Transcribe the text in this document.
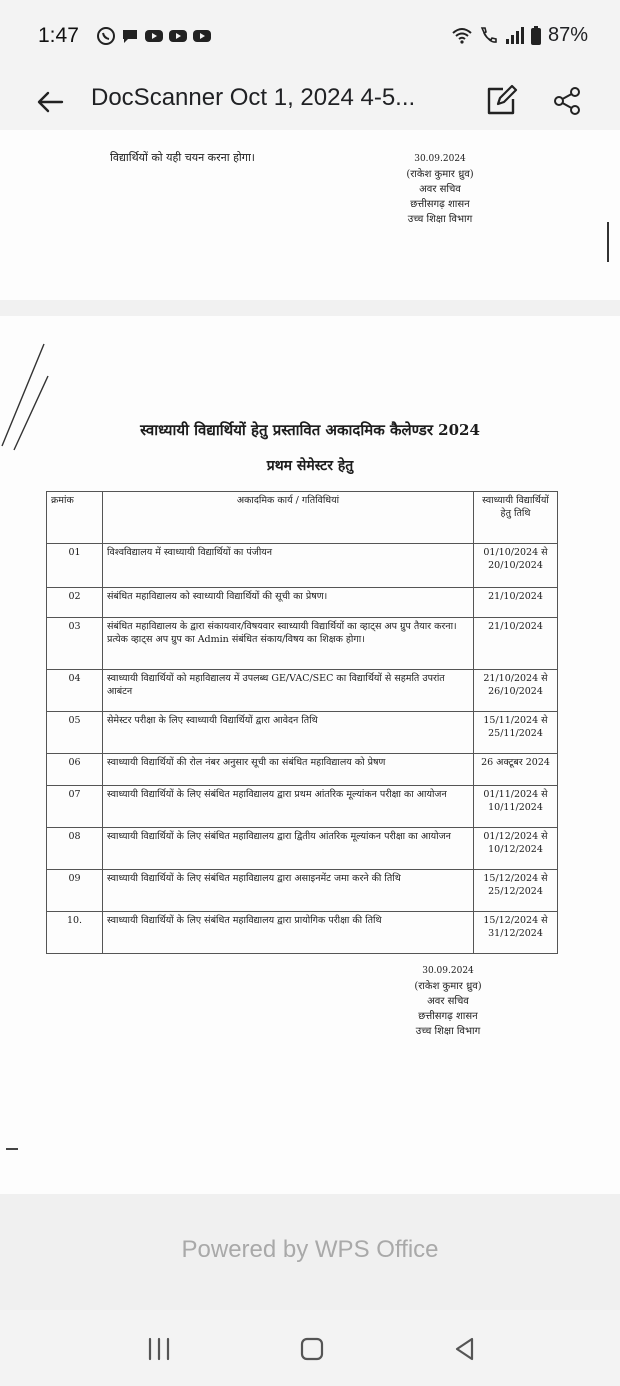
1:47	87%
DocScanner Oct 1, 2024 4-5...
विद्यार्थियों को यही चयन करना होगा।	30.09.2024
(राकेश कुमार ध्रुव)
अवर सचिव
छत्तीसगढ़ शासन
उच्च शिक्षा विभाग
स्वाध्यायी विद्यार्थियों हेतु प्रस्तावित अकादमिक कैलेण्डर 2024
प्रथम सेमेस्टर हेतु
क्रमांक	अकादमिक कार्य / गतिविधियां	स्वाध्यायी विद्यार्थियों हेतु तिथि
01	विश्वविद्यालय में स्वाध्यायी विद्यार्थियों का पंजीयन	01/10/2024 से 20/10/2024
02	संबंधित महाविद्यालय को स्वाध्यायी विद्यार्थियों की सूची का प्रेषण।	21/10/2024
03	संबंधित महाविद्यालय के द्वारा संकायवार/विषयवार स्वाध्यायी विद्यार्थियों का व्हाट्स अप ग्रुप तैयार करना। प्रत्येक व्हाट्स अप ग्रुप का Admin संबंधित संकाय/विषय का शिक्षक होगा।	21/10/2024
04	स्वाध्यायी विद्यार्थियों को महाविद्यालय में उपलब्ध GE/VAC/SEC का विद्यार्थियों से सहमति उपरांत आबंटन	21/10/2024 से 26/10/2024
05	सेमेस्टर परीक्षा के लिए स्वाध्यायी विद्यार्थियों द्वारा आवेदन तिथि	15/11/2024 से 25/11/2024
06	स्वाध्यायी विद्यार्थियों की रोल नंबर अनुसार सूची का संबंधित महाविद्यालय को प्रेषण	26 अक्टूबर 2024
07	स्वाध्यायी विद्यार्थियों के लिए संबंधित महाविद्यालय द्वारा प्रथम आंतरिक मूल्यांकन परीक्षा का आयोजन	01/11/2024 से 10/11/2024
08	स्वाध्यायी विद्यार्थियों के लिए संबंधित महाविद्यालय द्वारा द्वितीय आंतरिक मूल्यांकन परीक्षा का आयोजन	01/12/2024 से 10/12/2024
09	स्वाध्यायी विद्यार्थियों के लिए संबंधित महाविद्यालय द्वारा असाइनमेंट जमा करने की तिथि	15/12/2024 से 25/12/2024
10.	स्वाध्यायी विद्यार्थियों के लिए संबंधित महाविद्यालय द्वारा प्रायोगिक परीक्षा की तिथि	15/12/2024 से 31/12/2024
30.09.2024
(राकेश कुमार ध्रुव)
अवर सचिव
छत्तीसगढ़ शासन
उच्च शिक्षा विभाग
Powered by WPS Office
